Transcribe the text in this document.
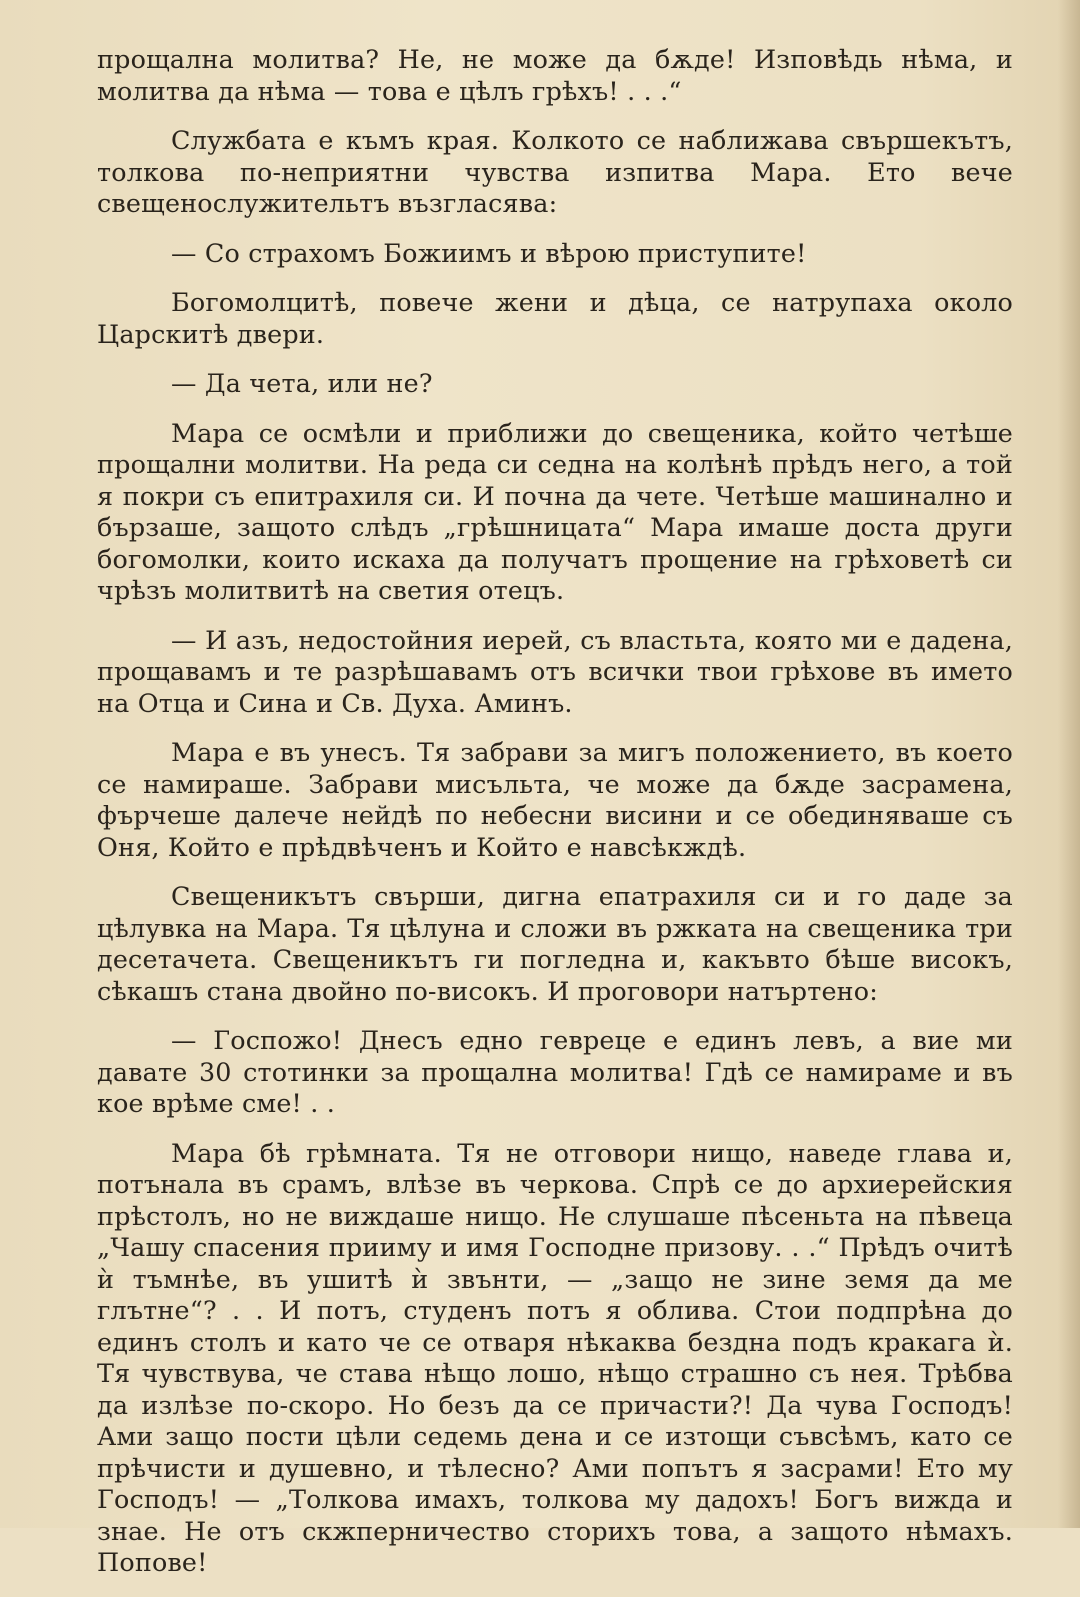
прощална молитва? Не, не може да бѫде! Изповѣдь нѣма, и молитва да нѣма — това е цѣлъ грѣхъ! . . .“

Службата е къмъ края. Колкото се наближава свършекътъ, толкова по-неприятни чувства изпитва Мара. Ето вече свещенослужительтъ възгласява:

— Со страхомъ Божиимъ и вѣрою приступите!

Богомолцитѣ, повече жени и дѣца, се натрупаха около Царскитѣ двери.

— Да чета, или не?

Мара се осмѣли и приближи до свещеника, който четѣше прощални молитви. На реда си седна на колѣнѣ прѣдъ него, а той я покри съ епитрахиля си. И почна да чете. Четѣше машинално и бързаше, защото слѣдъ „грѣшницата“ Мара имаше доста други богомолки, които искаха да получатъ прощение на грѣховетѣ си чрѣзъ молитвитѣ на светия отецъ.

— И азъ, недостойния иерей, съ властьта, която ми е дадена, прощавамъ и те разрѣшавамъ отъ всички твои грѣхове въ името на Отца и Сина и Св. Духа. Аминъ.

Мара е въ унесъ. Тя забрави за мигъ положението, въ което се намираше. Забрави мисъльта, че може да бѫде засрамена, фърчеше далече нейдѣ по небесни висини и се обединяваше съ Оня, Който е прѣдвѣченъ и Който е навсѣкждѣ.

Свещеникътъ свърши, дигна епатрахиля си и го даде за цѣлувка на Мара. Тя цѣлуна и сложи въ ржката на свещеника три десетачета. Свещеникътъ ги погледна и, какъвто бѣше високъ, сѣкашъ стана двойно по-високъ. И проговори натъртено:

— Госпожо! Днесъ едно гевреце е единъ левъ, а вие ми давате 30 стотинки за прощална молитва! Гдѣ се намираме и въ кое врѣме сме! . .

Мара бѣ грѣмната. Тя не отговори нищо, наведе глава и, потънала въ срамъ, влѣзе въ черкова. Спрѣ се до архиерейския прѣстолъ, но не виждаше нищо. Не слушаше пѣсеньта на пѣвеца „Чашу спасения прииму и имя Господне призову. . .“ Прѣдъ очитѣ ѝ тъмнѣе, въ ушитѣ ѝ звънти, — „защо не зине земя да ме глътне“? . . И потъ, студенъ потъ я облива. Стои подпрѣна до единъ столъ и като че се отваря нѣкаква бездна подъ кракага ѝ. Тя чувствува, че става нѣщо лошо, нѣщо страшно съ нея. Трѣбва да излѣзе по-скоро. Но безъ да се причасти?! Да чува Господъ! Ами защо пости цѣли седемь дена и се изтощи съвсѣмъ, като се прѣчисти и душевно, и тѣлесно? Ами попътъ я засрами! Ето му Господъ! — „Толкова имахъ, толкова му дадохъ! Богъ вижда и знае. Не отъ скжперничество сторихъ това, а защото нѣмахъ. Попове!
